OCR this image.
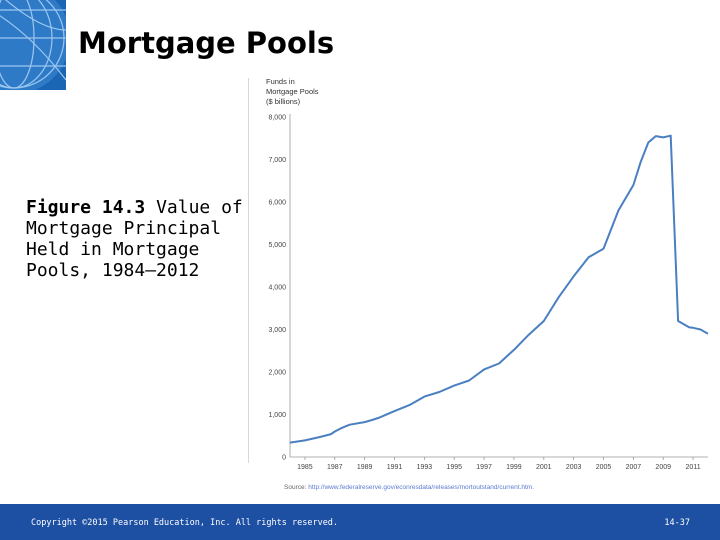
Mortgage Pools
Figure 14.3 Value of Mortgage Principal Held in Mortgage Pools, 1984–2012
Funds in
Mortgage Pools
($ billions)
0
1,000
2,000
3,000
4,000
5,000
6,000
7,000
8,000
1985 1987 1989 1991 1993 1995 1997 1999 2001 2003 2005 2007 2009 2011
Source: http://www.federalreserve.gov/econresdata/releases/mortoutstand/current.htm.
Copyright ©2015 Pearson Education, Inc. All rights reserved.	14-37
